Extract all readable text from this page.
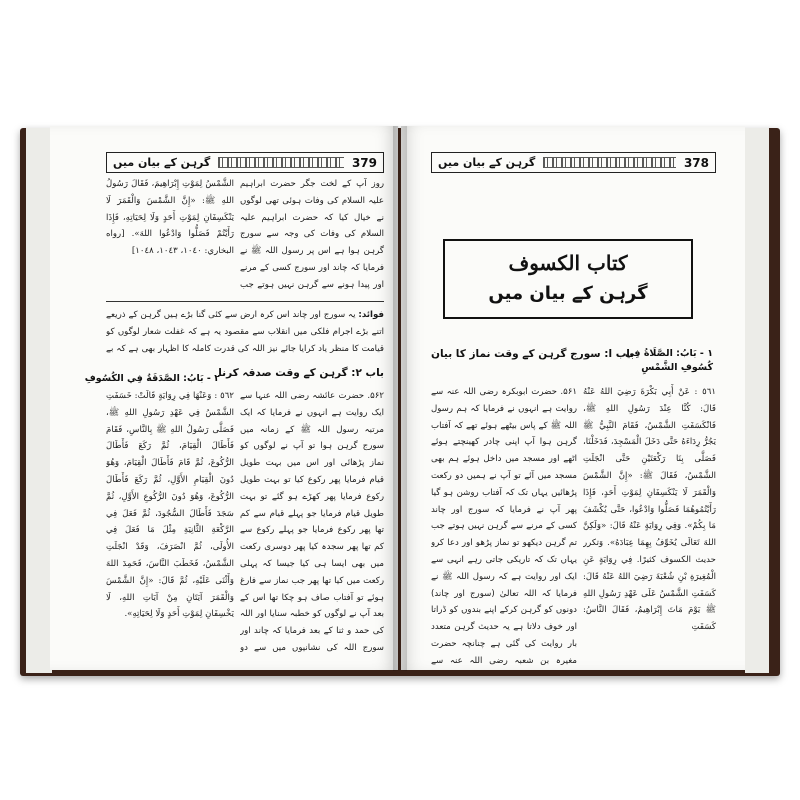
گرہن کے بیان میں	379

روز آپ کے لخت جگر حضرت ابراہیم علیہ السلام کی وفات ہوئی تھی لوگوں نے خیال کیا کہ حضرت ابراہیم علیہ السلام کی وفات کی وجہ سے سورج گرہن ہوا ہے اس پر رسول اللہ ﷺ نے فرمایا کہ چاند اور سورج کسی کے مرنے اور پیدا ہونے سے گرہن نہیں ہوتے جب

الشَّمْسُ لِمَوْتِ إِبْرَاهِيمَ، فَقَالَ رَسُولُ اللهِ ﷺ: «إِنَّ الشَّمْسَ وَالْقَمَرَ لَا يَنْكَسِفَانِ لِمَوْتِ أَحَدٍ وَلَا لِحَيَاتِهِ، فَإِذَا رَأَيْتُمْ فَصَلُّوا وَادْعُوا اللهَ». [رواه البخاري: ١٠٤٠، ١٠٤٣، ١٠٤٨]

فوائد: یہ سورج اور چاند اس کرہ ارض سے کئی گنا بڑے ہیں گرہن کے ذریعے اتنے بڑے اجرام فلکی میں انقلاب سے مقصود یہ ہے کہ غفلت شعار لوگوں کو قیامت کا منظر یاد کرایا جائے نیز اللہ کی قدرت کاملہ کا اظہار بھی ہے کہ بے
باب ۲: گرہن کے وقت صدقہ کرنا
٢ - بَابُ: الصَّدَقَةُ فِي الكُسُوفِ

۵۶۲. حضرت عائشہ رضی اللہ عنہا سے ایک روایت ہے انہوں نے فرمایا کہ ایک مرتبہ رسول اللہ ﷺ کے زمانہ میں سورج گرہن ہوا تو آپ نے لوگوں کو نماز پڑھائی اور اس میں بہت طویل قیام فرمایا پھر رکوع کیا تو بہت طویل رکوع فرمایا پھر کھڑے ہو گئے تو بہت طویل قیام فرمایا جو پہلے قیام سے کم تھا پھر رکوع فرمایا جو پہلے رکوع سے کم تھا پھر سجدہ کیا پھر دوسری رکعت میں بھی ایسا ہی کیا جیسا کہ پہلی رکعت میں کیا تھا پھر جب نماز سے فارغ ہوئے تو آفتاب صاف ہو چکا تھا اس کے بعد آپ نے لوگوں کو خطبہ سنایا اور اللہ کی حمد و ثنا کے بعد فرمایا کہ چاند اور سورج اللہ کی نشانیوں میں سے دو

٥٦٢ : وَعَنْهَا فِي رِوَايَةٍ قَالَتْ: خَسَفَتِ الشَّمْسُ فِي عَهْدِ رَسُولِ اللهِ ﷺ، فَصَلَّى رَسُولُ اللهِ ﷺ بِالنَّاسِ، فَقَامَ فَأَطَالَ الْقِيَامَ، ثُمَّ رَكَعَ فَأَطَالَ الرُّكُوعَ، ثُمَّ قَامَ فَأَطَالَ الْقِيَامَ، وَهُوَ دُونَ الْقِيَامِ الأَوَّلِ، ثُمَّ رَكَعَ فَأَطَالَ الرُّكُوعَ، وَهُوَ دُونَ الرُّكُوعِ الأَوَّلِ، ثُمَّ سَجَدَ فَأَطَالَ السُّجُودَ، ثُمَّ فَعَلَ فِي الرَّكْعَةِ الثَّانِيَةِ مِثْلَ مَا فَعَلَ فِي الأُولَى، ثُمَّ انْصَرَفَ، وَقَدْ انْجَلَتِ الشَّمْسُ، فَخَطَبَ النَّاسَ، فَحَمِدَ اللهَ وَأَثْنَى عَلَيْهِ، ثُمَّ قَالَ: «إِنَّ الشَّمْسَ وَالْقَمَرَ آيَتَانِ مِنْ آيَاتِ اللهِ، لَا يَخْسِفَانِ لِمَوْتِ أَحَدٍ وَلَا لِحَيَاتِهِ».

گرہن کے بیان میں	378
كتاب الكسوف
گرہن کے بیان میں
باب ا: سورج گرہن کے وقت نماز کا بیان
١ - بَابُ: الصَّلَاةُ فِي كُسُوفِ الشَّمْسِ

۵۶۱. حضرت ابوبکرہ رضی اللہ عنہ سے روایت ہے انہوں نے فرمایا کہ ہم رسول اللہ ﷺ کے پاس بیٹھے ہوئے تھے کہ آفتاب گرہن ہوا آپ اپنی چادر کھینچتے ہوئے اٹھے اور مسجد میں داخل ہوئے ہم بھی مسجد میں آئے تو آپ نے ہمیں دو رکعت پڑھائیں یہاں تک کہ آفتاب روشن ہو گیا پھر آپ نے فرمایا کہ سورج اور چاند کسی کے مرنے سے گرہن نہیں ہوتے جب تم گرہن دیکھو تو نماز پڑھو اور دعا کرو یہاں تک کہ تاریکی جاتی رہے انہی سے ایک اور روایت ہے کہ رسول اللہ ﷺ نے فرمایا کہ اللہ تعالیٰ (سورج اور چاند) دونوں کو گرہن کرکے اپنے بندوں کو ڈراتا اور خوف دلاتا ہے یہ حدیث گرہن متعدد بار روایت کی گئی ہے چنانچہ حضرت مغیرہ بن شعبہ رضی اللہ عنہ سے

٥٦١ : عَنْ أَبِي بَكْرَةَ رَضِيَ اللهُ عَنْهُ قَالَ: كُنَّا عِنْدَ رَسُولِ اللهِ ﷺ، فَانْكَسَفَتِ الشَّمْسُ، فَقَامَ النَّبِيُّ ﷺ يَجُرُّ رِدَاءَهُ حَتَّى دَخَلَ الْمَسْجِدَ، فَدَخَلْنَا، فَصَلَّى بِنَا رَكْعَتَيْنِ حَتَّى انْجَلَتِ الشَّمْسُ، فَقَالَ ﷺ: «إِنَّ الشَّمْسَ وَالْقَمَرَ لَا يَنْكَسِفَانِ لِمَوْتِ أَحَدٍ، فَإِذَا رَأَيْتُمُوهُمَا فَصَلُّوا وَادْعُوا، حَتَّى يُكْشَفَ مَا بِكُمْ». وَفِي رِوَايَةٍ عَنْهُ قَالَ: «وَلَكِنَّ اللهَ تَعَالَى يُخَوِّفُ بِهِمَا عِبَادَهُ». وَتكرر حديث الكسوف كثيرًا. فِي رِوَايَةٍ عَنِ الْمُغِيرَةِ بْنِ شُعْبَةَ رَضِيَ اللهُ عَنْهُ قَالَ: كَسَفَتِ الشَّمْسُ عَلَى عَهْدِ رَسُولِ اللهِ ﷺ يَوْمَ مَاتَ إِبْرَاهِيمُ، فَقَالَ النَّاسُ: كَسَفَتِ
